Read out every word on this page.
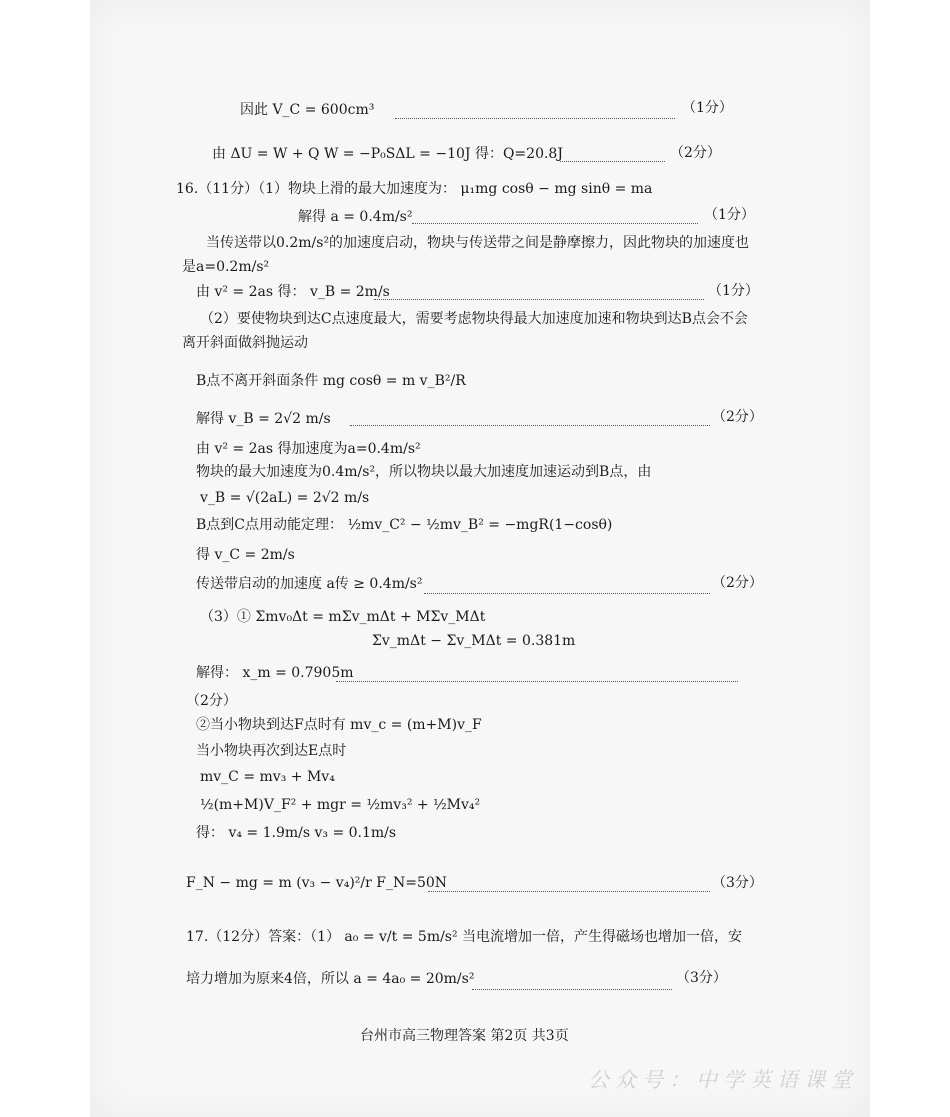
因此 V_C = 600cm³	（1分）
由 ΔU = W + Q W = −P₀SΔL = −10J 得：Q=20.8J	（2分）
16.（11分）（1）物块上滑的最大加速度为： μ₁mg cosθ − mg sinθ = ma
解得 a = 0.4m/s²	（1分）
当传送带以0.2m/s²的加速度启动，物块与传送带之间是静摩擦力，因此物块的加速度也
是a=0.2m/s²
由 v² = 2as 得： v_B = 2m/s	（1分）
（2）要使物块到达C点速度最大，需要考虑物块得最大加速度加速和物块到达B点会不会
离开斜面做斜抛运动
B点不离开斜面条件 mg cosθ = m v_B²/R
解得 v_B = 2√2 m/s	（2分）
由 v² = 2as 得加速度为a=0.4m/s²
物块的最大加速度为0.4m/s²，所以物块以最大加速度加速运动到B点，由
v_B = √(2aL) = 2√2 m/s
B点到C点用动能定理： ½mv_C² − ½mv_B² = −mgR(1−cosθ)
得 v_C = 2m/s
传送带启动的加速度 a传 ≥ 0.4m/s²	（2分）
（3）① Σmv₀Δt = mΣv_mΔt + MΣv_MΔt
Σv_mΔt − Σv_MΔt = 0.381m
解得： x_m = 0.7905m
（2分）
②当小物块到达F点时有 mv_c = (m+M)v_F
当小物块再次到达E点时
mv_C = mv₃ + Mv₄
½(m+M)V_F² + mgr = ½mv₃² + ½Mv₄²
得： v₄ = 1.9m/s v₃ = 0.1m/s
F_N − mg = m (v₃ − v₄)²/r F_N=50N	（3分）
17.（12分）答案：（1） a₀ = v/t = 5m/s² 当电流增加一倍，产生得磁场也增加一倍，安
培力增加为原来4倍，所以 a = 4a₀ = 20m/s²	（3分）
台州市高三物理答案 第2页 共3页
公众号：中学英语课堂
